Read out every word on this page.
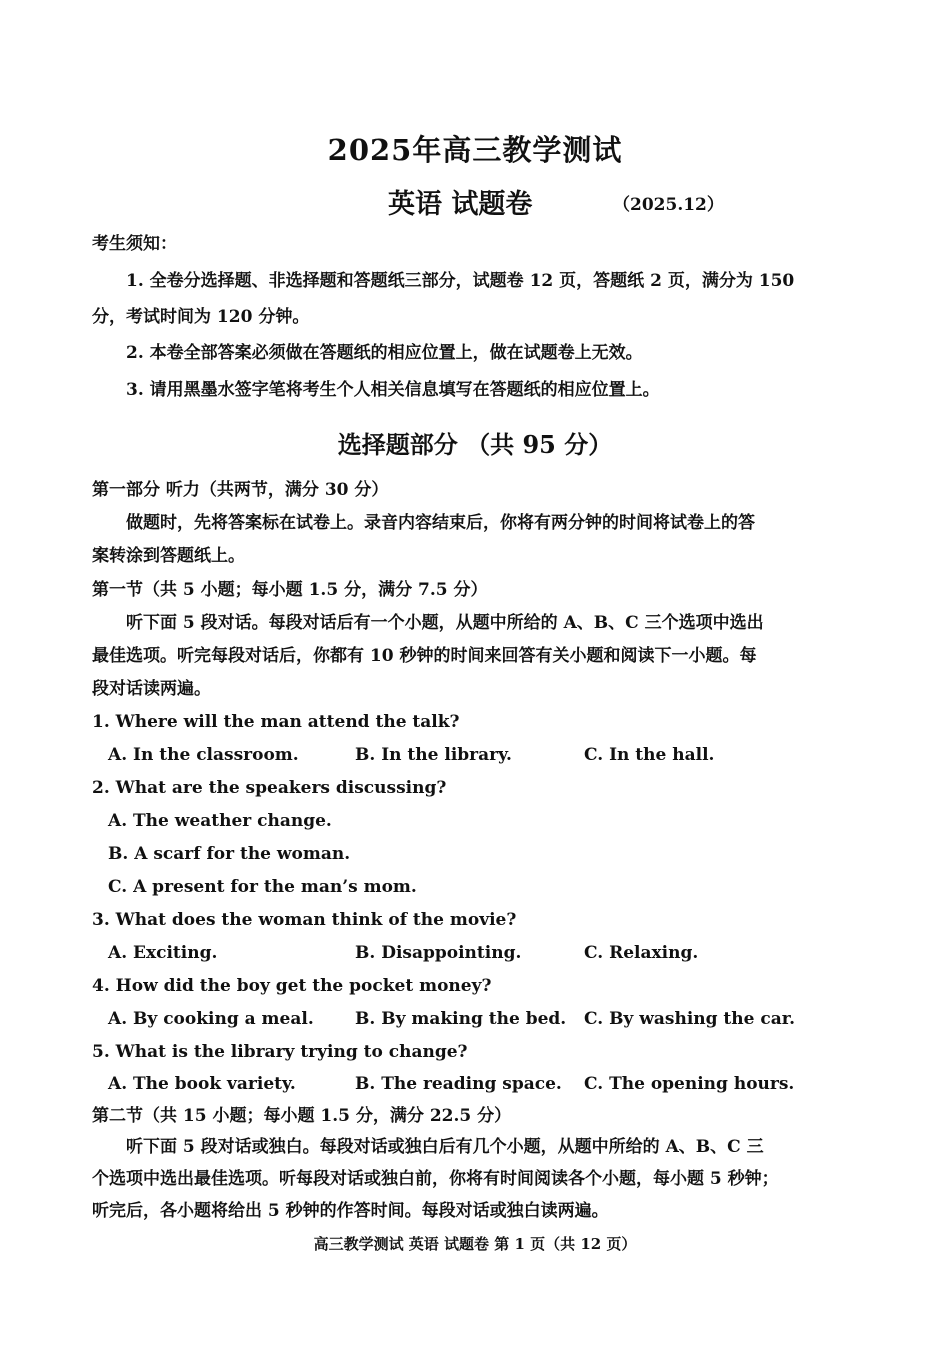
2025年高三教学测试
英语 试题卷	（2025.12）
考生须知：
1. 全卷分选择题、非选择题和答题纸三部分，试题卷 12 页，答题纸 2 页，满分为 150
分，考试时间为 120 分钟。
2. 本卷全部答案必须做在答题纸的相应位置上，做在试题卷上无效。
3. 请用黑墨水签字笔将考生个人相关信息填写在答题纸的相应位置上。
选择题部分 （共 95 分）
第一部分 听力（共两节，满分 30 分）
做题时，先将答案标在试卷上。录音内容结束后，你将有两分钟的时间将试卷上的答
案转涂到答题纸上。
第一节（共 5 小题；每小题 1.5 分，满分 7.5 分）
听下面 5 段对话。每段对话后有一个小题，从题中所给的 A、B、C 三个选项中选出
最佳选项。听完每段对话后，你都有 10 秒钟的时间来回答有关小题和阅读下一小题。每
段对话读两遍。
1. Where will the man attend the talk?
A. In the classroom.	B. In the library.	C. In the hall.
2. What are the speakers discussing?
A. The weather change.
B. A scarf for the woman.
C. A present for the man’s mom.
3. What does the woman think of the movie?
A. Exciting.	B. Disappointing.	C. Relaxing.
4. How did the boy get the pocket money?
A. By cooking a meal. B. By making the bed. C. By washing the car.
5. What is the library trying to change?
A. The book variety.	B. The reading space. C. The opening hours.
第二节（共 15 小题；每小题 1.5 分，满分 22.5 分）
听下面 5 段对话或独白。每段对话或独白后有几个小题，从题中所给的 A、B、C 三
个选项中选出最佳选项。听每段对话或独白前，你将有时间阅读各个小题，每小题 5 秒钟；
听完后，各小题将给出 5 秒钟的作答时间。每段对话或独白读两遍。
高三教学测试 英语 试题卷 第 1 页（共 12 页）
